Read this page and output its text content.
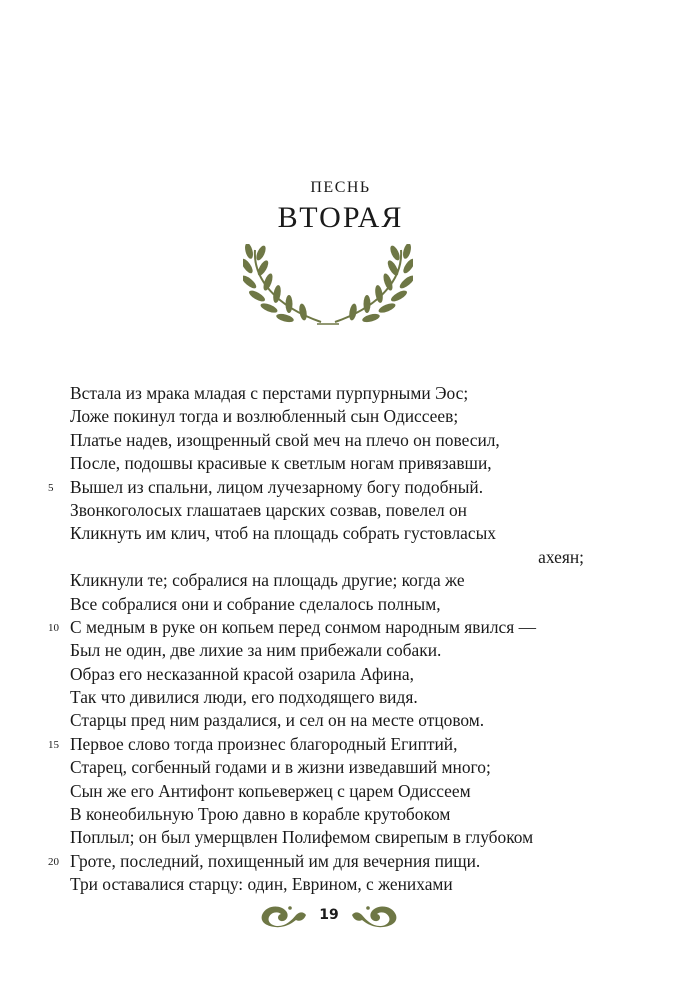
ПЕСНЬ
ВТОРАЯ
Встала из мрака младая с перстами пурпурными Эос;
Ложе покинул тогда и возлюбленный сын Одиссеев;
Платье надев, изощренный свой меч на плечо он повесил,
После, подошвы красивые к светлым ногам привязавши,
5 Вышел из спальни, лицом лучезарному богу подобный.
Звонкоголосых глашатаев царских созвав, повелел он
Кликнуть им клич, чтоб на площадь собрать густовласых
ахеян;
Кликнули те; собралися на площадь другие; когда же
Все собралися они и собрание сделалось полным,
10 С медным в руке он копьем перед сонмом народным явился —
Был не один, две лихие за ним прибежали собаки.
Образ его несказанной красой озарила Афина,
Так что дивилися люди, его подходящего видя.
Старцы пред ним раздалися, и сел он на месте отцовом.
15 Первое слово тогда произнес благородный Египтий,
Старец, согбенный годами и в жизни изведавший много;
Сын же его Антифонт копьевержец с царем Одиссеем
В конеобильную Трою давно в корабле крутобоком
Поплыл; он был умерщвлен Полифемом свирепым в глубоком
20 Гроте, последний, похищенный им для вечерния пищи.
Три оставалися старцу: один, Еврином, с женихами
19
